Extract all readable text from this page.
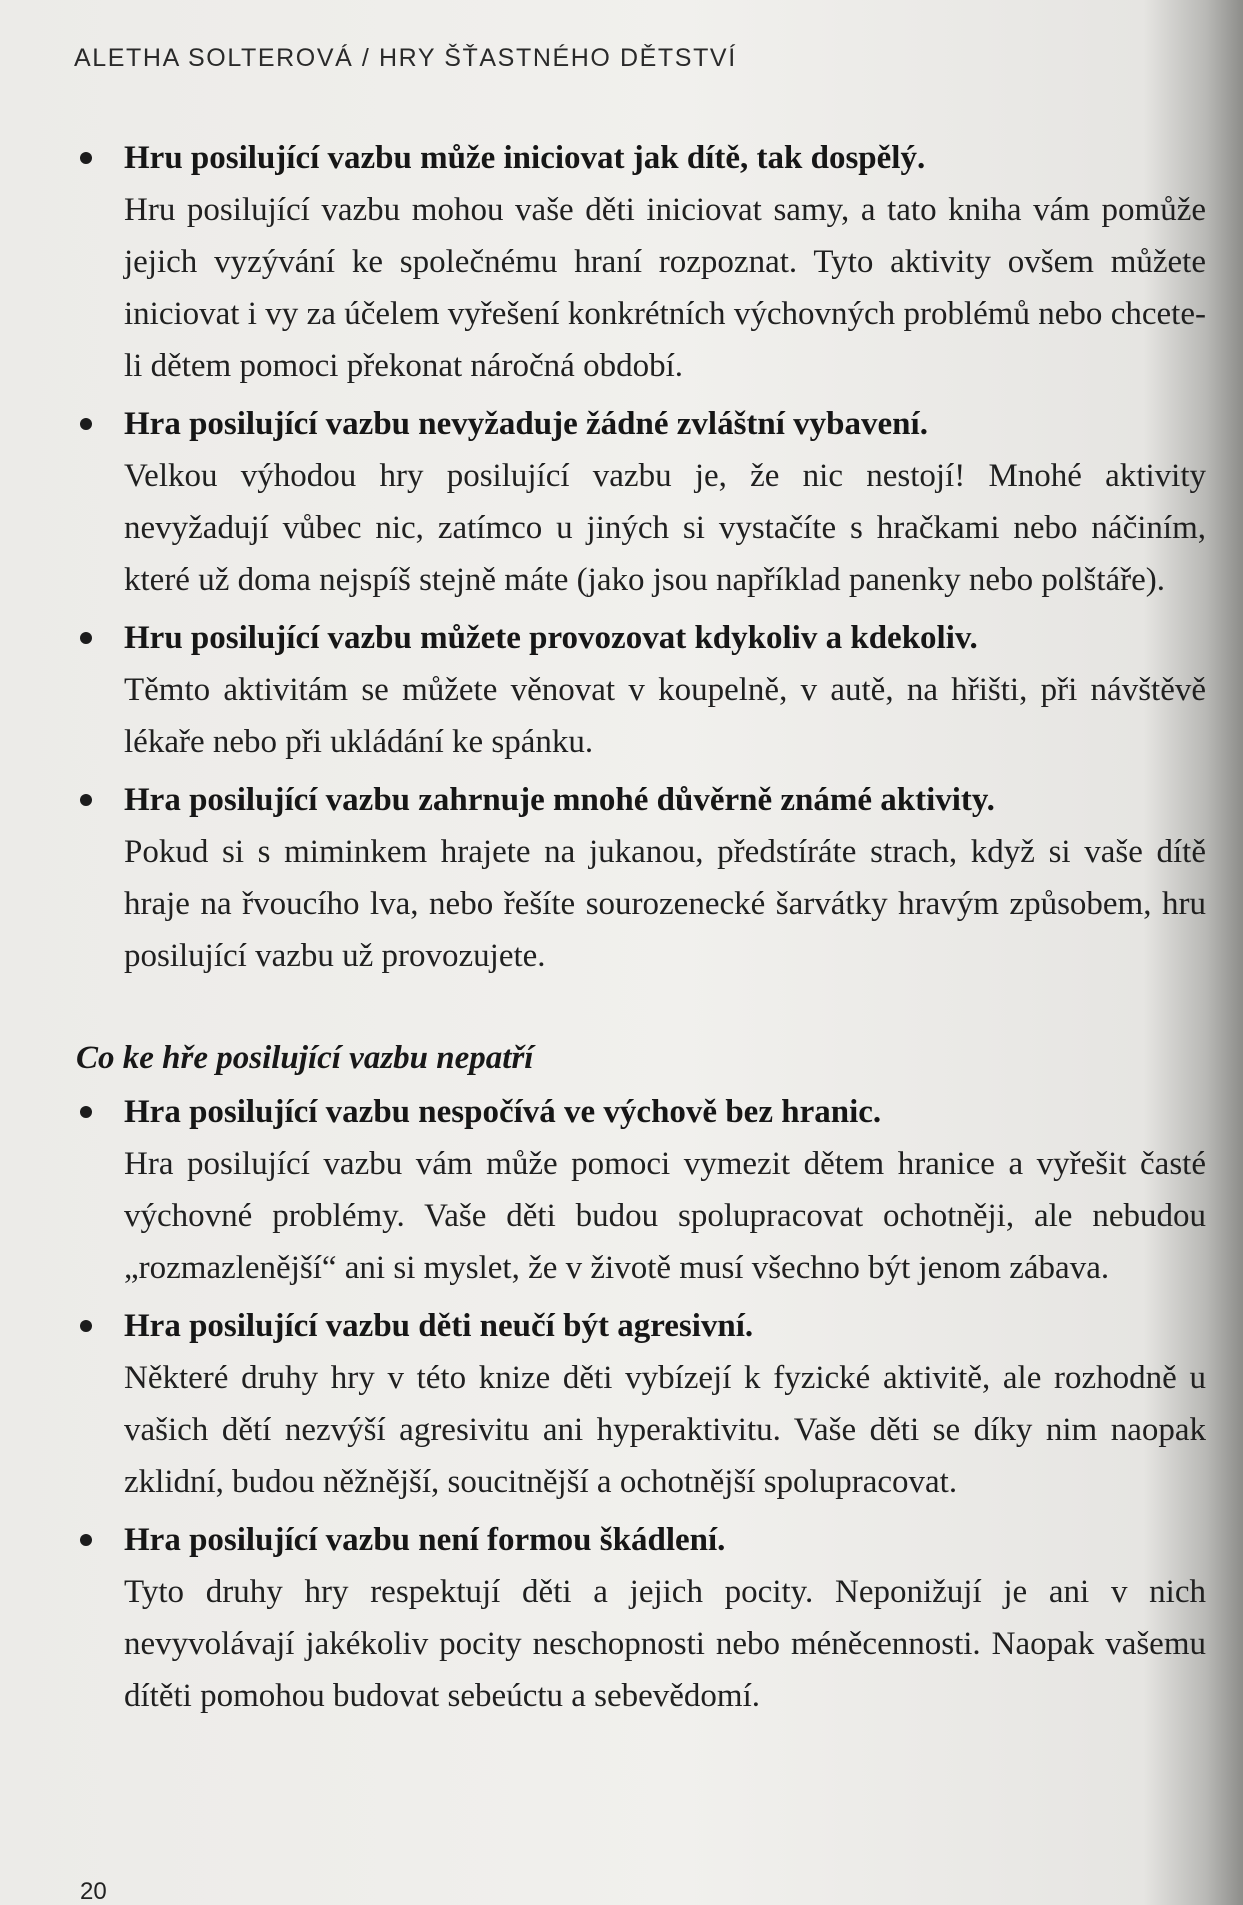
ALETHA SOLTEROVÁ / HRY ŠŤASTNÉHO DĚTSTVÍ
Hru posilující vazbu může iniciovat jak dítě, tak dospělý.
Hru posilující vazbu mohou vaše děti iniciovat samy, a tato kniha vám pomůže jejich vyzývání ke společnému hraní rozpoznat. Tyto aktivity ovšem můžete iniciovat i vy za účelem vyřešení konkrétních výchovných problémů nebo chcete-li dětem pomoci překonat náročná období.
Hra posilující vazbu nevyžaduje žádné zvláštní vybavení.
Velkou výhodou hry posilující vazbu je, že nic nestojí! Mnohé aktivity nevyžadují vůbec nic, zatímco u jiných si vystačíte s hračkami nebo náčiním, které už doma nejspíš stejně máte (jako jsou například panenky nebo polštáře).
Hru posilující vazbu můžete provozovat kdykoliv a kdekoliv.
Těmto aktivitám se můžete věnovat v koupelně, v autě, na hřišti, při návštěvě lékaře nebo při ukládání ke spánku.
Hra posilující vazbu zahrnuje mnohé důvěrně známé aktivity.
Pokud si s miminkem hrajete na jukanou, předstíráte strach, když si vaše dítě hraje na řvoucího lva, nebo řešíte sourozenecké šarvátky hravým způsobem, hru posilující vazbu už provozujete.
Co ke hře posilující vazbu nepatří
Hra posilující vazbu nespočívá ve výchově bez hranic.
Hra posilující vazbu vám může pomoci vymezit dětem hranice a vyřešit časté výchovné problémy. Vaše děti budou spolupracovat ochotněji, ale nebudou „rozmazlenější“ ani si myslet, že v životě musí všechno být jenom zábava.
Hra posilující vazbu děti neučí být agresivní.
Některé druhy hry v této knize děti vybízejí k fyzické aktivitě, ale rozhodně u vašich dětí nezvýší agresivitu ani hyperaktivitu. Vaše děti se díky nim naopak zklidní, budou něžnější, soucitnější a ochotnější spolupracovat.
Hra posilující vazbu není formou škádlení.
Tyto druhy hry respektují děti a jejich pocity. Neponižují je ani v nich nevyvolávají jakékoliv pocity neschopnosti nebo méněcennosti. Naopak vašemu dítěti pomohou budovat sebeúctu a sebevědomí.
20
